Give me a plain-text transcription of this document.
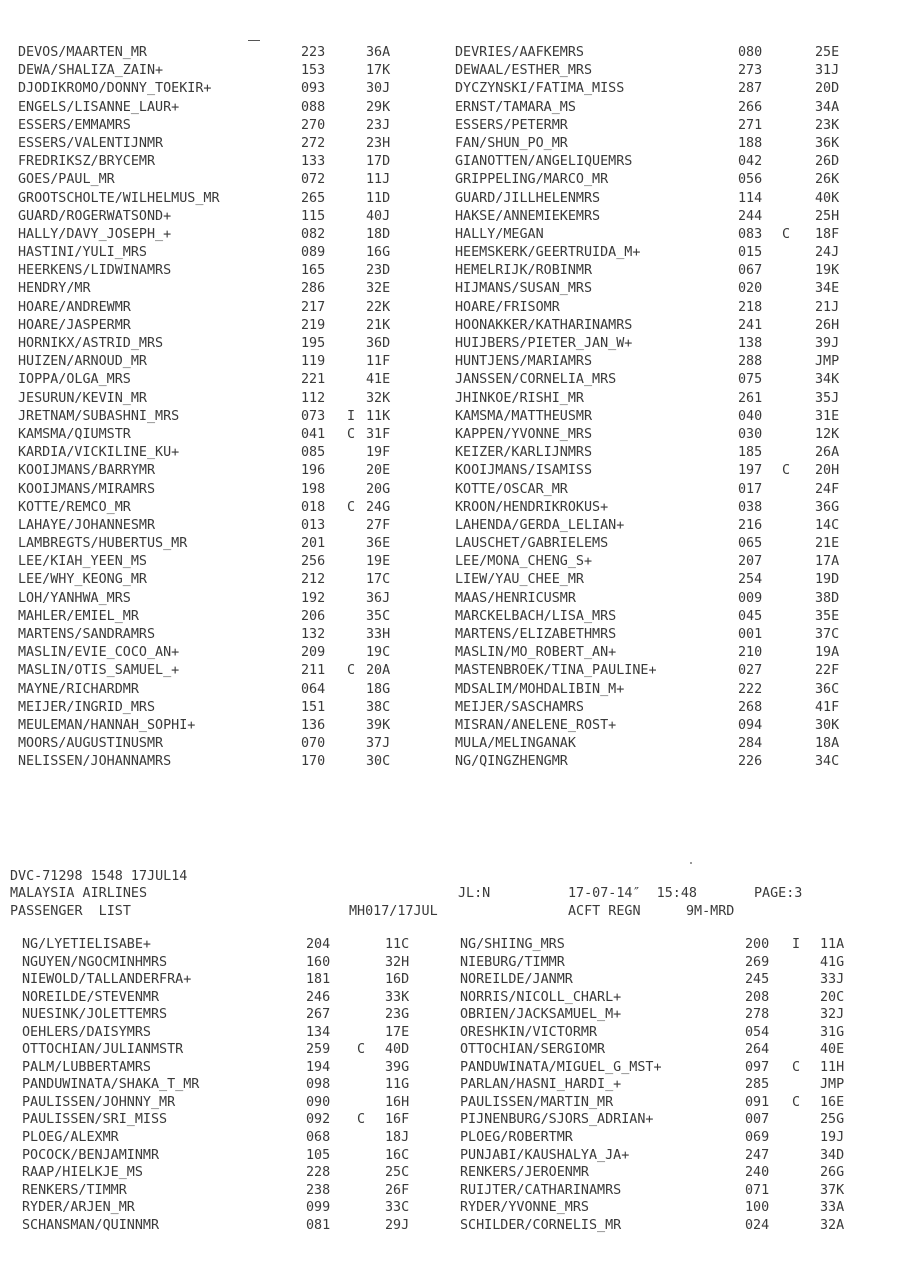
DEVOS/MAARTEN_MR	223	36A	DEVRIES/AAFKEMRS	080	25E
DEWA/SHALIZA_ZAIN+	153	17K	DEWAAL/ESTHER_MRS	273	31J
DJODIKROMO/DONNY_TOEKIR+	093	30J	DYCZYNSKI/FATIMA_MISS	287	20D
ENGELS/LISANNE_LAUR+	088	29K	ERNST/TAMARA_MS	266	34A
ESSERS/EMMAMRS	270	23J	ESSERS/PETERMR	271	23K
ESSERS/VALENTIJNMR	272	23H	FAN/SHUN_PO_MR	188	36K
FREDRIKSZ/BRYCEMR	133	17D	GIANOTTEN/ANGELIQUEMRS	042	26D
GOES/PAUL_MR	072	11J	GRIPPELING/MARCO_MR	056	26K
GROOTSCHOLTE/WILHELMUS_MR	265	11D	GUARD/JILLHELENMRS	114	40K
GUARD/ROGERWATSOND+	115	40J	HAKSE/ANNEMIEKEMRS	244	25H
HALLY/DAVY_JOSEPH_+	082	18D	HALLY/MEGAN	083 C 18F
HASTINI/YULI_MRS	089	16G	HEEMSKERK/GEERTRUIDA_M+	015	24J
HEERKENS/LIDWINAMRS	165	23D	HEMELRIJK/ROBINMR	067	19K
HENDRY/MR	286	32E	HIJMANS/SUSAN_MRS	020	34E
HOARE/ANDREWMR	217	22K	HOARE/FRISOMR	218	21J
HOARE/JASPERMR	219	21K	HOONAKKER/KATHARINAMRS	241	26H
HORNIKX/ASTRID_MRS	195	36D	HUIJBERS/PIETER_JAN_W+	138	39J
HUIZEN/ARNOUD_MR	119	11F	HUNTJENS/MARIAMRS	288	JMP
IOPPA/OLGA_MRS	221	41E	JANSSEN/CORNELIA_MRS	075	34K
JESURUN/KEVIN_MR	112	32K	JHINKOE/RISHI_MR	261	35J
JRETNAM/SUBASHNI_MRS	073 I 11K	KAMSMA/MATTHEUSMR	040	31E
KAMSMA/QIUMSTR	041 C 31F	KAPPEN/YVONNE_MRS	030	12K
KARDIA/VICKILINE_KU+	085	19F	KEIZER/KARLIJNMRS	185	26A
KOOIJMANS/BARRYMR	196	20E	KOOIJMANS/ISAMISS	197 C 20H
KOOIJMANS/MIRAMRS	198	20G	KOTTE/OSCAR_MR	017	24F
KOTTE/REMCO_MR	018 C 24G	KROON/HENDRIKROKUS+	038	36G
LAHAYE/JOHANNESMR	013	27F	LAHENDA/GERDA_LELIAN+	216	14C
LAMBREGTS/HUBERTUS_MR	201	36E	LAUSCHET/GABRIELEMS	065	21E
LEE/KIAH_YEEN_MS	256	19E	LEE/MONA_CHENG_S+	207	17A
LEE/WHY_KEONG_MR	212	17C	LIEW/YAU_CHEE_MR	254	19D
LOH/YANHWA_MRS	192	36J	MAAS/HENRICUSMR	009	38D
MAHLER/EMIEL_MR	206	35C	MARCKELBACH/LISA_MRS	045	35E
MARTENS/SANDRAMRS	132	33H	MARTENS/ELIZABETHMRS	001	37C
MASLIN/EVIE_COCO_AN+	209	19C	MASLIN/MO_ROBERT_AN+	210	19A
MASLIN/OTIS_SAMUEL_+	211 C 20A	MASTENBROEK/TINA_PAULINE+	027	22F
MAYNE/RICHARDMR	064	18G	MDSALIM/MOHDALIBIN_M+	222	36C
MEIJER/INGRID_MRS	151	38C	MEIJER/SASCHAMRS	268	41F
MEULEMAN/HANNAH_SOPHI+	136	39K	MISRAN/ANELENE_ROST+	094	30K
MOORS/AUGUSTINUSMR	070	37J	MULA/MELINGANAK	284	18A
NELISSEN/JOHANNAMRS	170	30C	NG/QINGZHENGMR	226	34C
DVC-71298 1548 17JUL14
MALAYSIA AIRLINES
PASSENGER  LIST
JL:N	17-07-14″  15:48	PAGE:3
MH017/17JUL	ACFT REGN	9M-MRD
NG/LYETIELISABE+	204	11C	NG/SHIING_MRS	200 I 11A
NGUYEN/NGOCMINHMRS	160	32H	NIEBURG/TIMMR	269	41G
NIEWOLD/TALLANDERFRA+	181	16D	NOREILDE/JANMR	245	33J
NOREILDE/STEVENMR	246	33K	NORRIS/NICOLL_CHARL+	208	20C
NUESINK/JOLETTEMRS	267	23G	OBRIEN/JACKSAMUEL_M+	278	32J
OEHLERS/DAISYMRS	134	17E	ORESHKIN/VICTORMR	054	31G
OTTOCHIAN/JULIANMSTR	259 C 40D	OTTOCHIAN/SERGIOMR	264	40E
PALM/LUBBERTAMRS	194	39G	PANDUWINATA/MIGUEL_G_MST+	097 C 11H
PANDUWINATA/SHAKA_T_MR	098	11G	PARLAN/HASNI_HARDI_+	285	JMP
PAULISSEN/JOHNNY_MR	090	16H	PAULISSEN/MARTIN_MR	091 C 16E
PAULISSEN/SRI_MISS	092 C 16F	PIJNENBURG/SJORS_ADRIAN+	007	25G
PLOEG/ALEXMR	068	18J	PLOEG/ROBERTMR	069	19J
POCOCK/BENJAMINMR	105	16C	PUNJABI/KAUSHALYA_JA+	247	34D
RAAP/HIELKJE_MS	228	25C	RENKERS/JEROENMR	240	26G
RENKERS/TIMMR	238	26F	RUIJTER/CATHARINAMRS	071	37K
RYDER/ARJEN_MR	099	33C	RYDER/YVONNE_MRS	100	33A
SCHANSMAN/QUINNMR	081	29J	SCHILDER/CORNELIS_MR	024	32A
